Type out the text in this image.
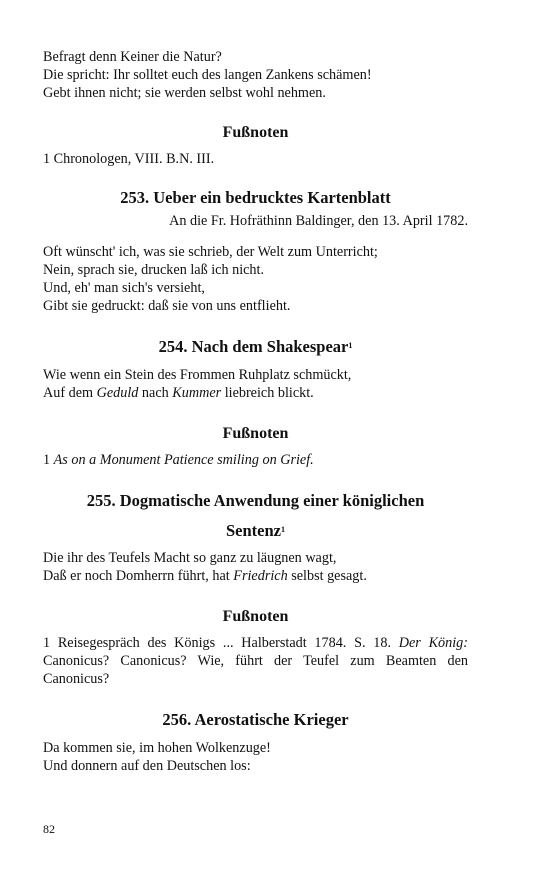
Befragt denn Keiner die Natur?
Die spricht: Ihr solltet euch des langen Zankens schämen!
Gebt ihnen nicht; sie werden selbst wohl nehmen.
Fußnoten
1 Chronologen, VIII. B.N. III.
253. Ueber ein bedrucktes Kartenblatt
An die Fr. Hofräthinn Baldinger, den 13. April 1782.
Oft wünscht' ich, was sie schrieb, der Welt zum Unterricht;
Nein, sprach sie, drucken laß ich nicht.
Und, eh' man sich's versieht,
Gibt sie gedruckt: daß sie von uns entflieht.
254. Nach dem Shakespear$^1$
Wie wenn ein Stein des Frommen Ruhplatz schmückt,
Auf dem Geduld nach Kummer liebreich blickt.
Fußnoten
1 As on a Monument Patience smiling on Grief.
255. Dogmatische Anwendung einer königlichen
Sentenz$^1$
Die ihr des Teufels Macht so ganz zu läugnen wagt,
Daß er noch Domherrn führt, hat Friedrich selbst gesagt.
Fußnoten
1 Reisegespräch des Königs ... Halberstadt 1784. S. 18. Der König: Canonicus? Canonicus? Wie, führt der Teufel zum Beamten den Canonicus?
256. Aerostatische Krieger
Da kommen sie, im hohen Wolkenzuge!
Und donnern auf den Deutschen los:
82
